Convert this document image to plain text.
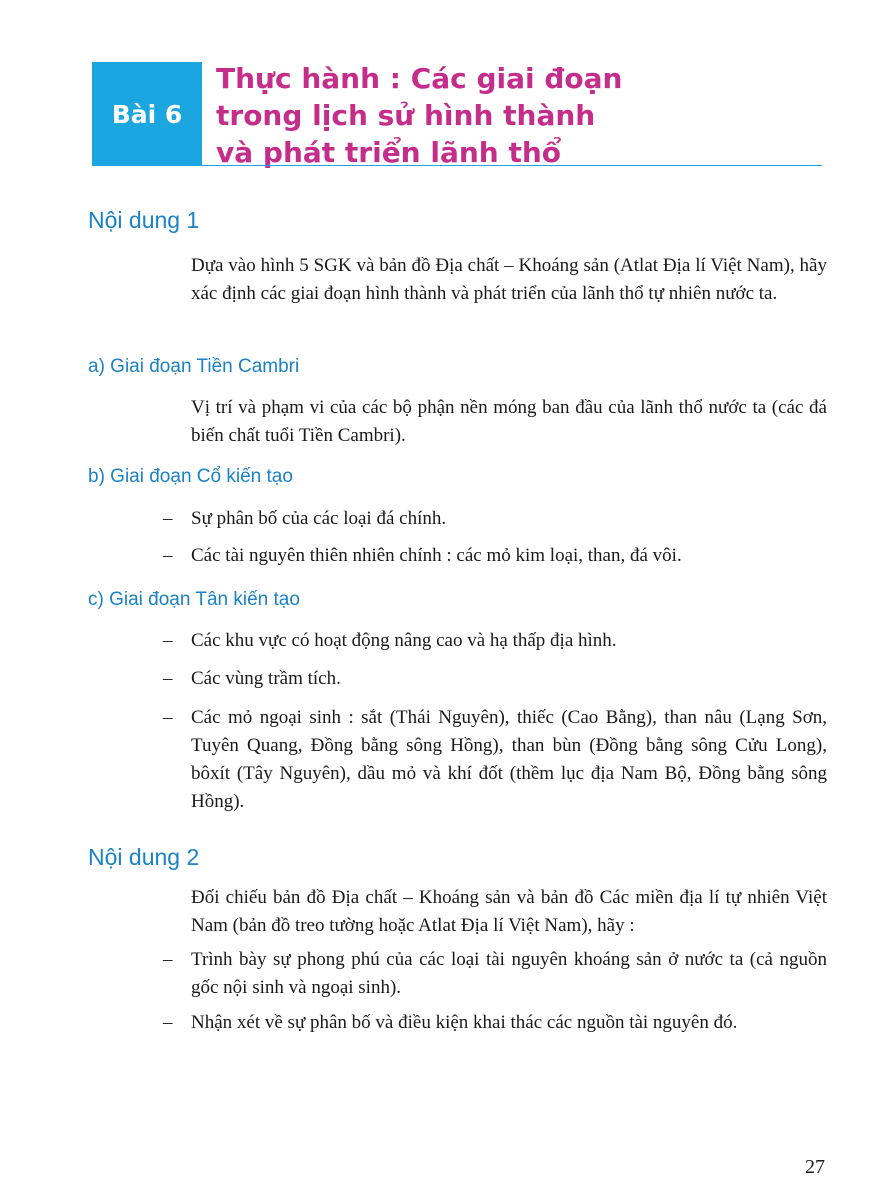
Bài 6
Thực hành : Các giai đoạn
trong lịch sử hình thành
và phát triển lãnh thổ
Nội dung 1
Dựa vào hình 5 SGK và bản đồ Địa chất – Khoáng sản (Atlat Địa lí Việt Nam), hãy xác định các giai đoạn hình thành và phát triển của lãnh thổ tự nhiên nước ta.
a) Giai đoạn Tiền Cambri
Vị trí và phạm vi của các bộ phận nền móng ban đầu của lãnh thổ nước ta (các đá biến chất tuổi Tiền Cambri).
b) Giai đoạn Cổ kiến tạo
– Sự phân bố của các loại đá chính.
– Các tài nguyên thiên nhiên chính : các mỏ kim loại, than, đá vôi.
c) Giai đoạn Tân kiến tạo
– Các khu vực có hoạt động nâng cao và hạ thấp địa hình.
– Các vùng trầm tích.
– Các mỏ ngoại sinh : sắt (Thái Nguyên), thiếc (Cao Bằng), than nâu (Lạng Sơn, Tuyên Quang, Đồng bằng sông Hồng), than bùn (Đồng bằng sông Cửu Long), bôxít (Tây Nguyên), dầu mỏ và khí đốt (thềm lục địa Nam Bộ, Đồng bằng sông Hồng).
Nội dung 2
Đối chiếu bản đồ Địa chất – Khoáng sản và bản đồ Các miền địa lí tự nhiên Việt Nam (bản đồ treo tường hoặc Atlat Địa lí Việt Nam), hãy :
– Trình bày sự phong phú của các loại tài nguyên khoáng sản ở nước ta (cả nguồn gốc nội sinh và ngoại sinh).
– Nhận xét về sự phân bố và điều kiện khai thác các nguồn tài nguyên đó.
27
